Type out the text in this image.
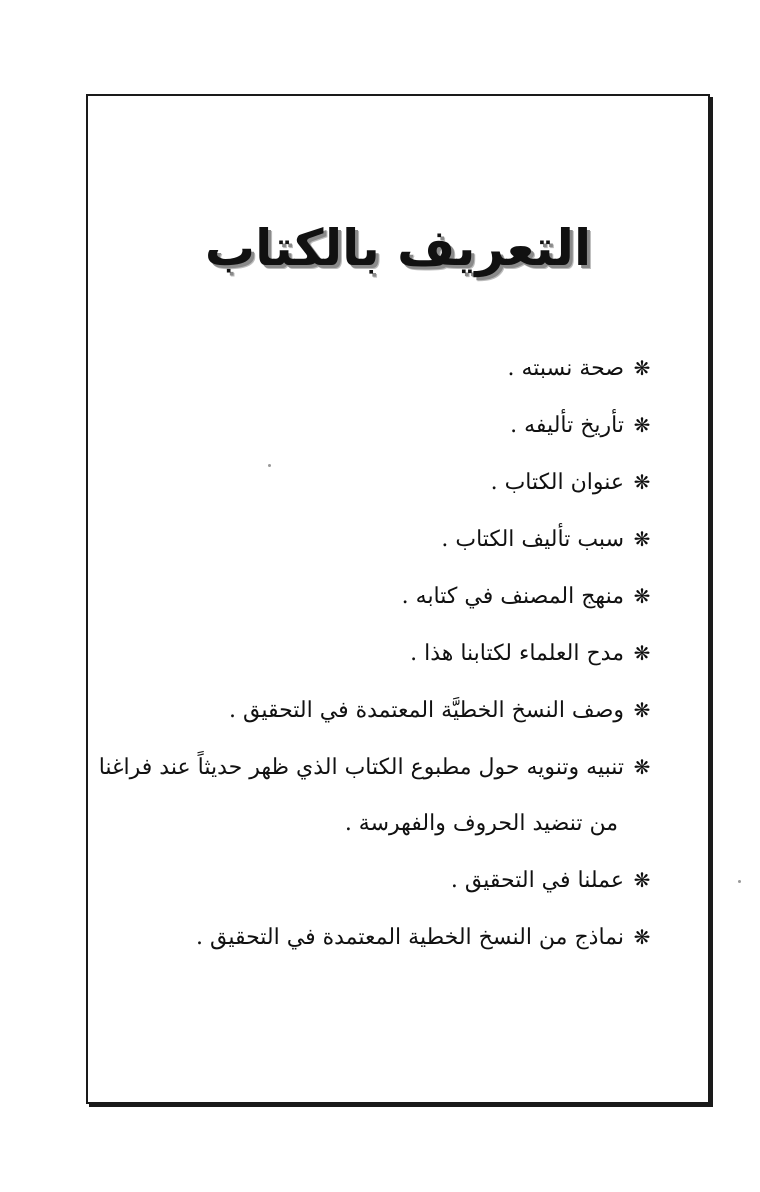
التعريف بالكتاب
❋صحة نسبته .
❋تأريخ تأليفه .
❋عنوان الكتاب .
❋سبب تأليف الكتاب .
❋منهج المصنف في كتابه .
❋مدح العلماء لكتابنا هذا .
❋وصف النسخ الخطيَّة المعتمدة في التحقيق .
❋تنبيه وتنويه حول مطبوع الكتاب الذي ظهر حديثاً عند فراغنا
من تنضيد الحروف والفهرسة .
❋عملنا في التحقيق .
❋نماذج من النسخ الخطية المعتمدة في التحقيق .
